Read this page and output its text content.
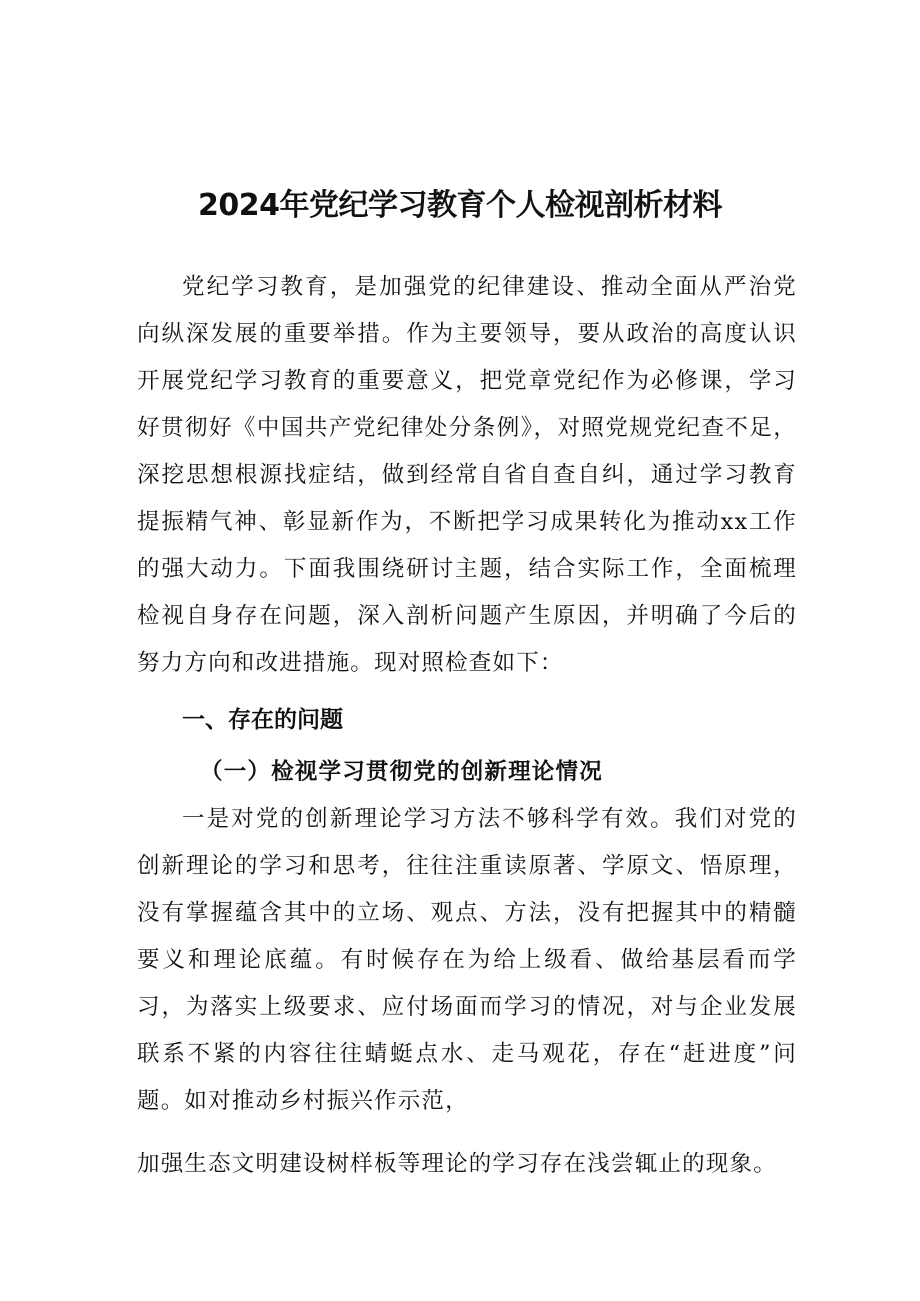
2024年党纪学习教育个人检视剖析材料

党纪学习教育，是加强党的纪律建设、推动全面从严治党向纵深发展的重要举措。作为主要领导，要从政治的高度认识开展党纪学习教育的重要意义，把党章党纪作为必修课，学习好贯彻好《中国共产党纪律处分条例》，对照党规党纪查不足，深挖思想根源找症结，做到经常自省自查自纠，通过学习教育提振精气神、彰显新作为，不断把学习成果转化为推动xx工作的强大动力。下面我围绕研讨主题，结合实际工作，全面梳理检视自身存在问题，深入剖析问题产生原因，并明确了今后的努力方向和改进措施。现对照检查如下：

一、存在的问题
（一）检视学习贯彻党的创新理论情况

一是对党的创新理论学习方法不够科学有效。我们对党的创新理论的学习和思考，往往注重读原著、学原文、悟原理，没有掌握蕴含其中的立场、观点、方法，没有把握其中的精髓要义和理论底蕴。有时候存在为给上级看、做给基层看而学习，为落实上级要求、应付场面而学习的情况，对与企业发展联系不紧的内容往往蜻蜓点水、走马观花，存在“赶进度”问题。如对推动乡村振兴作示范，

加强生态文明建设树样板等理论的学习存在浅尝辄止的现象。
